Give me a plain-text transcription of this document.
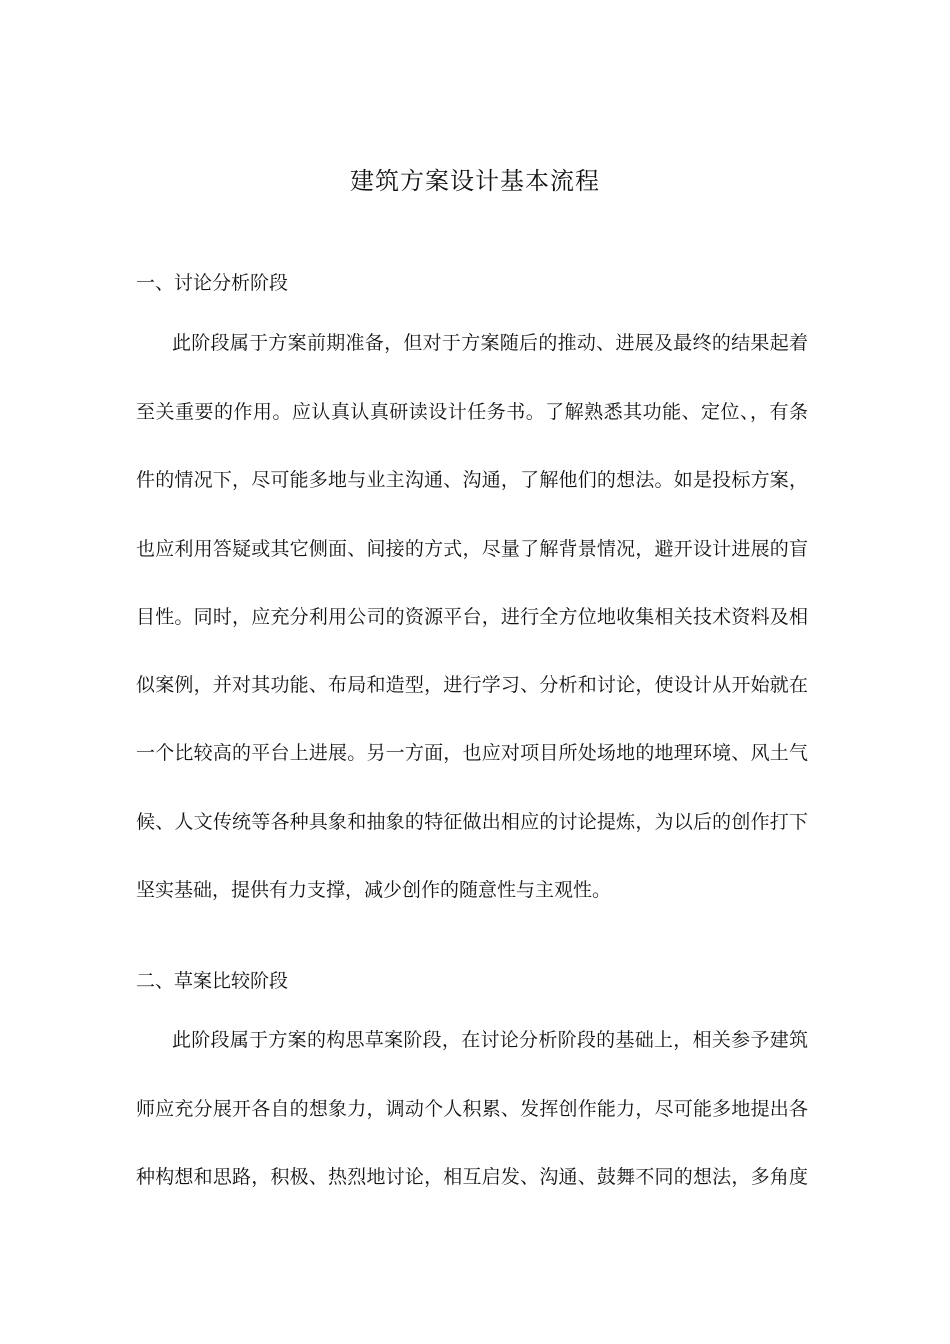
建筑方案设计基本流程
一、讨论分析阶段
此阶段属于方案前期准备，但对于方案随后的推动、进展及最终的结果起着
至关重要的作用。应认真认真研读设计任务书。了解熟悉其功能、定位、，有条
件的情况下，尽可能多地与业主沟通、沟通，了解他们的想法。如是投标方案，
也应利用答疑或其它侧面、间接的方式，尽量了解背景情况，避开设计进展的盲
目性。同时，应充分利用公司的资源平台，进行全方位地收集相关技术资料及相
似案例，并对其功能、布局和造型，进行学习、分析和讨论，使设计从开始就在
一个比较高的平台上进展。另一方面，也应对项目所处场地的地理环境、风土气
候、人文传统等各种具象和抽象的特征做出相应的讨论提炼，为以后的创作打下
坚实基础，提供有力支撑，减少创作的随意性与主观性。
二、草案比较阶段
此阶段属于方案的构思草案阶段，在讨论分析阶段的基础上，相关参予建筑
师应充分展开各自的想象力，调动个人积累、发挥创作能力，尽可能多地提出各
种构想和思路，积极、热烈地讨论，相互启发、沟通、鼓舞不同的想法，多角度
